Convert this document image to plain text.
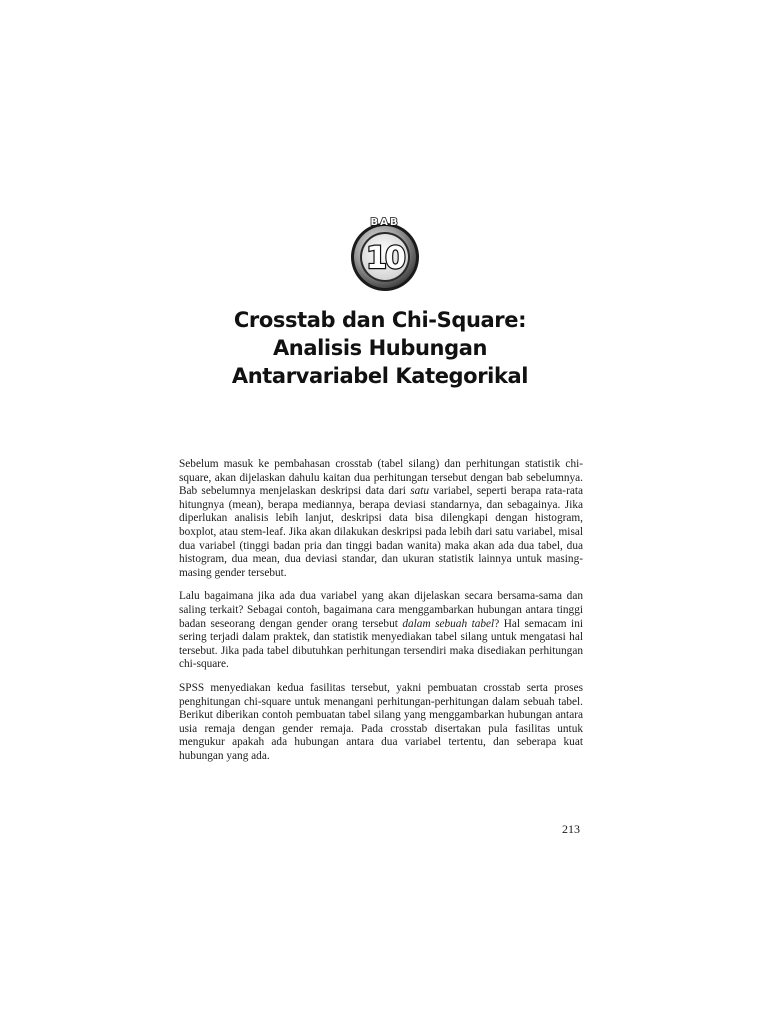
BAB
10
Crosstab dan Chi-Square:
Analisis Hubungan
Antarvariabel Kategorikal

Sebelum masuk ke pembahasan crosstab (tabel silang) dan perhitungan statistik chi-square, akan dijelaskan dahulu kaitan dua perhitungan tersebut dengan bab sebelumnya. Bab sebelumnya menjelaskan deskripsi data dari satu variabel, seperti berapa rata-rata hitungnya (mean), berapa mediannya, berapa deviasi standarnya, dan sebagainya. Jika diperlukan analisis lebih lanjut, deskripsi data bisa dilengkapi dengan histogram, boxplot, atau stem-leaf. Jika akan dilakukan deskripsi pada lebih dari satu variabel, misal dua variabel (tinggi badan pria dan tinggi badan wanita) maka akan ada dua tabel, dua histogram, dua mean, dua deviasi standar, dan ukuran statistik lainnya untuk masing-masing gender tersebut.

Lalu bagaimana jika ada dua variabel yang akan dijelaskan secara bersama-sama dan saling terkait? Sebagai contoh, bagaimana cara menggambarkan hubungan antara tinggi badan seseorang dengan gender orang tersebut dalam sebuah tabel? Hal semacam ini sering terjadi dalam praktek, dan statistik menyediakan tabel silang untuk mengatasi hal tersebut. Jika pada tabel dibutuhkan perhitungan tersendiri maka disediakan perhitungan chi-square.

SPSS menyediakan kedua fasilitas tersebut, yakni pembuatan crosstab serta proses penghitungan chi-square untuk menangani perhitungan-perhitungan dalam sebuah tabel. Berikut diberikan contoh pembuatan tabel silang yang menggambarkan hubungan antara usia remaja dengan gender remaja. Pada crosstab disertakan pula fasilitas untuk mengukur apakah ada hubungan antara dua variabel tertentu, dan seberapa kuat hubungan yang ada.

213
